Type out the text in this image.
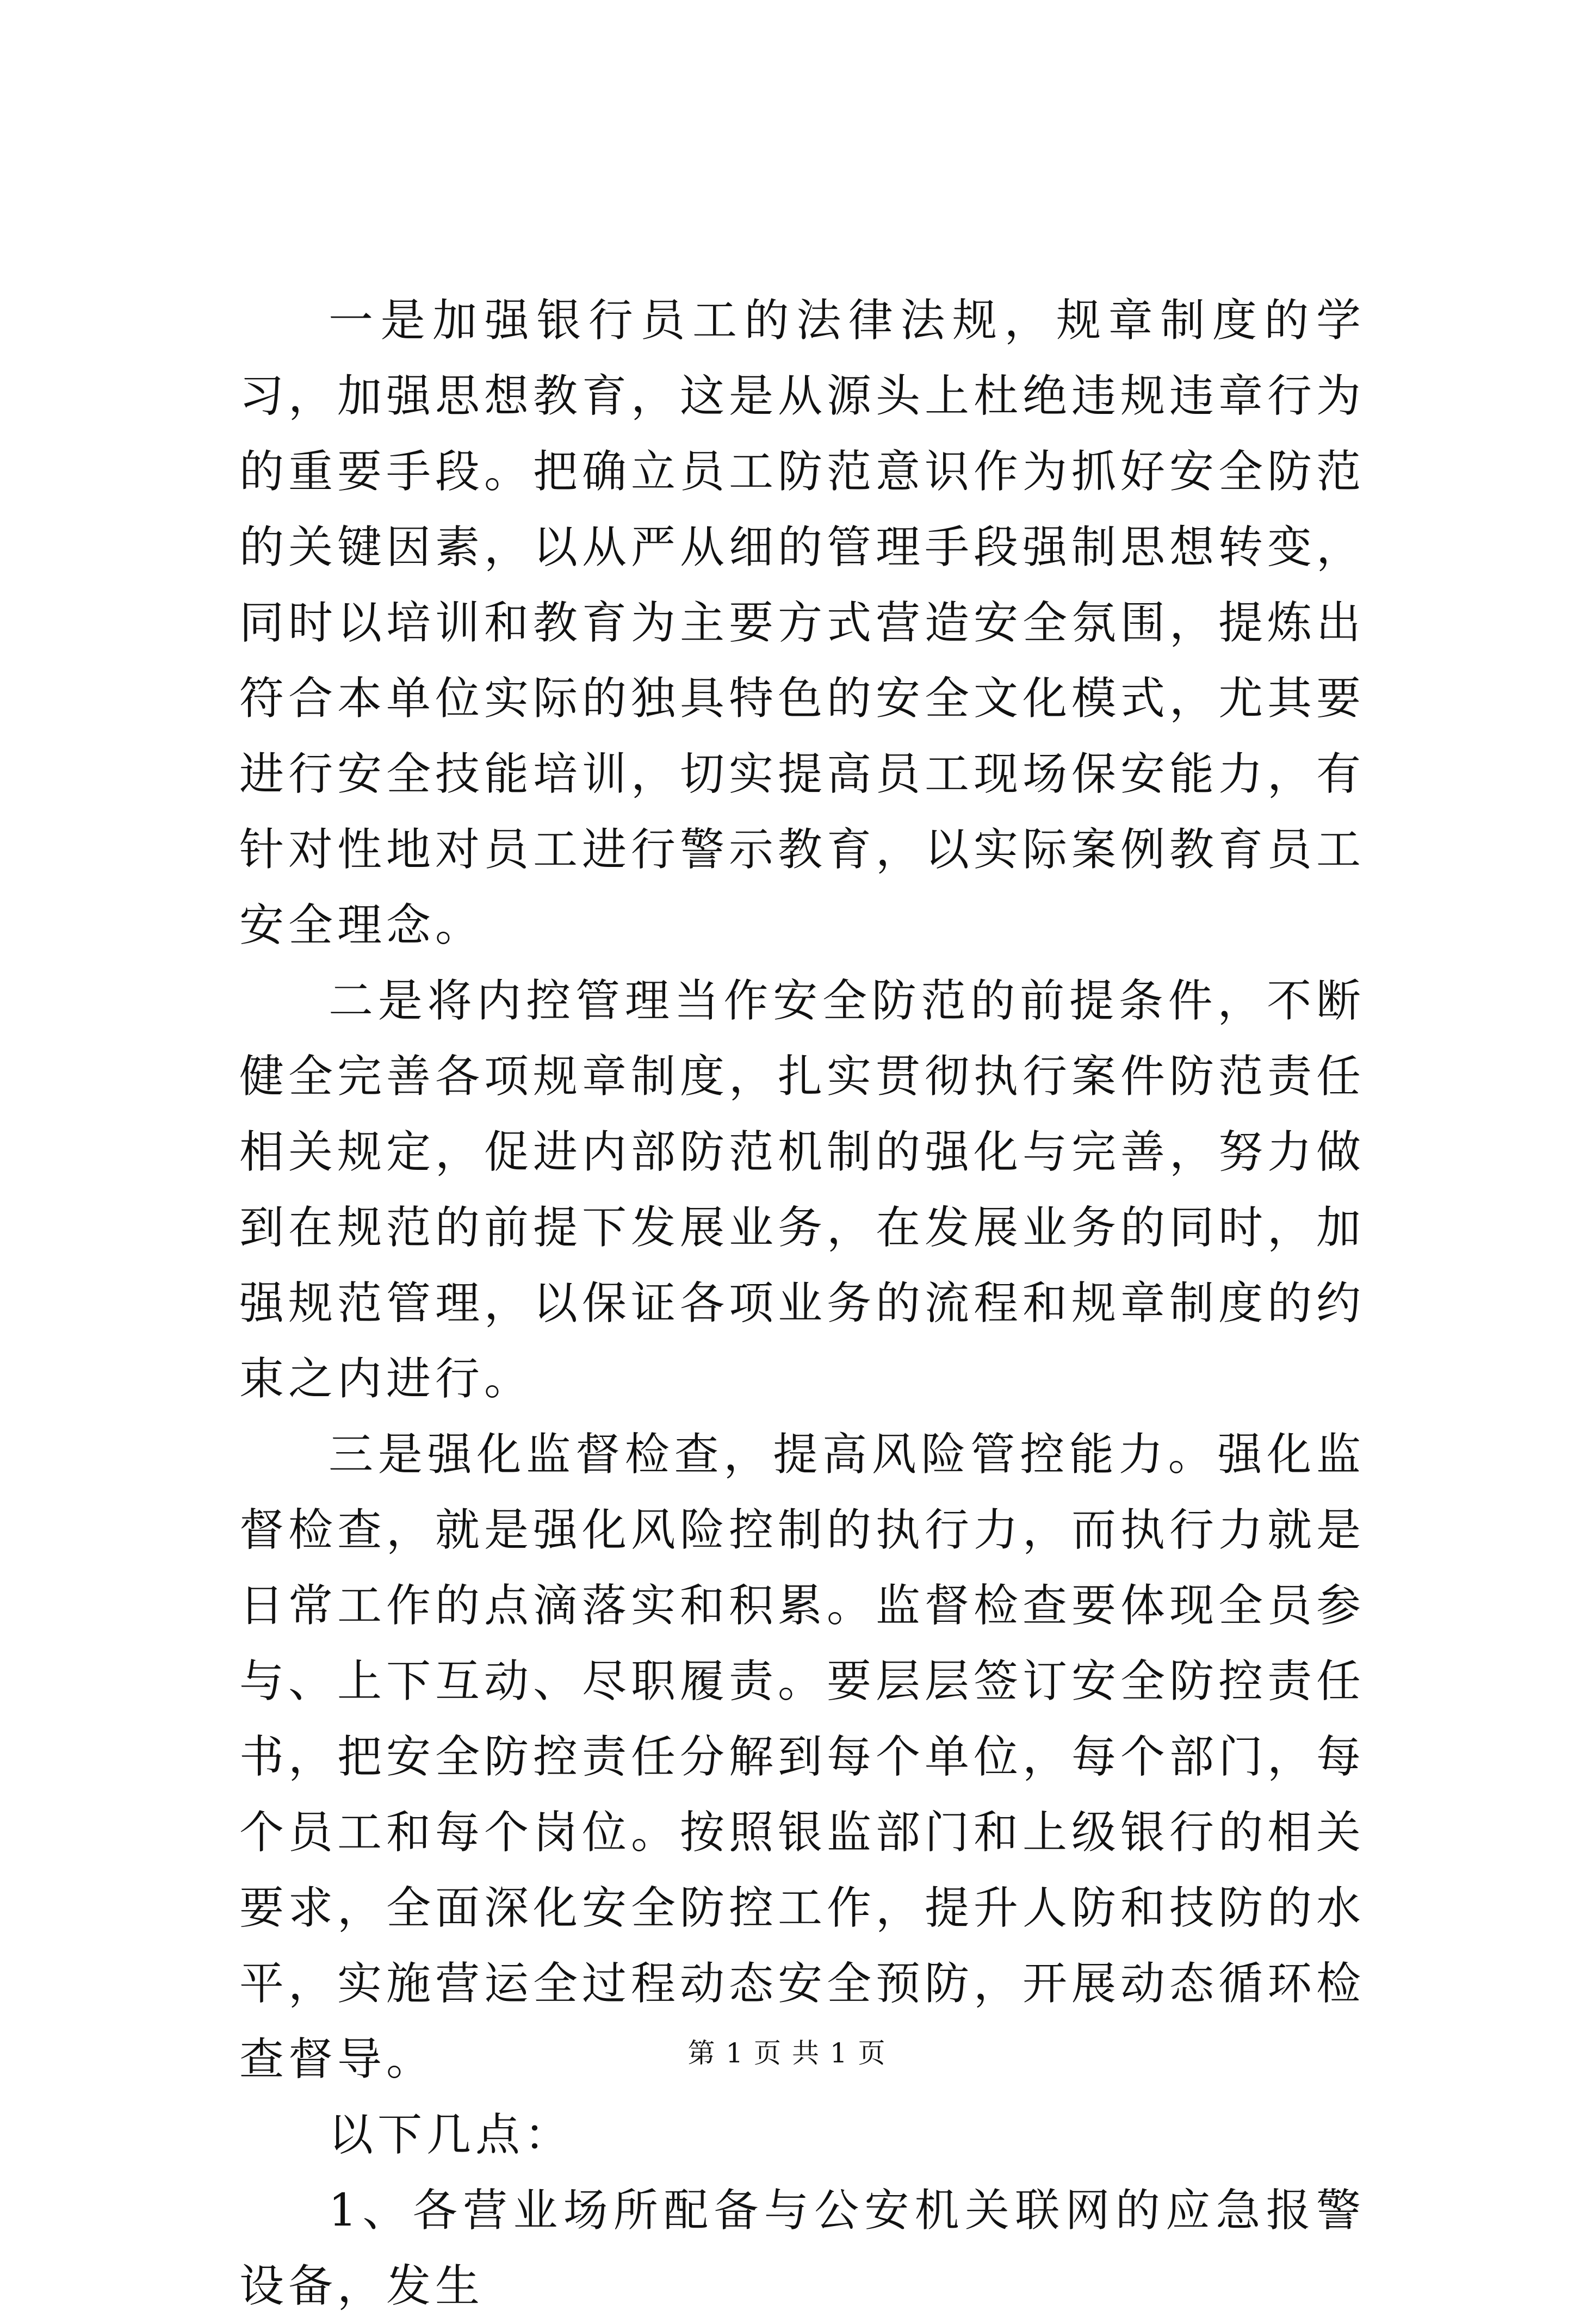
一是加强银行员工的法律法规，规章制度的学习，加强思想教育，这是从源头上杜绝违规违章行为的重要手段。把确立员工防范意识作为抓好安全防范的关键因素，以从严从细的管理手段强制思想转变，同时以培训和教育为主要方式营造安全氛围，提炼出符合本单位实际的独具特色的安全文化模式，尤其要进行安全技能培训，切实提高员工现场保安能力，有针对性地对员工进行警示教育，以实际案例教育员工安全理念。

二是将内控管理当作安全防范的前提条件，不断健全完善各项规章制度，扎实贯彻执行案件防范责任相关规定，促进内部防范机制的强化与完善，努力做到在规范的前提下发展业务，在发展业务的同时，加强规范管理，以保证各项业务的流程和规章制度的约束之内进行。

三是强化监督检查，提高风险管控能力。强化监督检查，就是强化风险控制的执行力，而执行力就是日常工作的点滴落实和积累。监督检查要体现全员参与、上下互动、尽职履责。要层层签订安全防控责任书，把安全防控责任分解到每个单位，每个部门，每个员工和每个岗位。按照银监部门和上级银行的相关要求，全面深化安全防控工作，提升人防和技防的水平，实施营运全过程动态安全预防，开展动态循环检查督导。

以下几点：

1、各营业场所配备与公安机关联网的应急报警设备，发生

第 1 页 共 1 页
